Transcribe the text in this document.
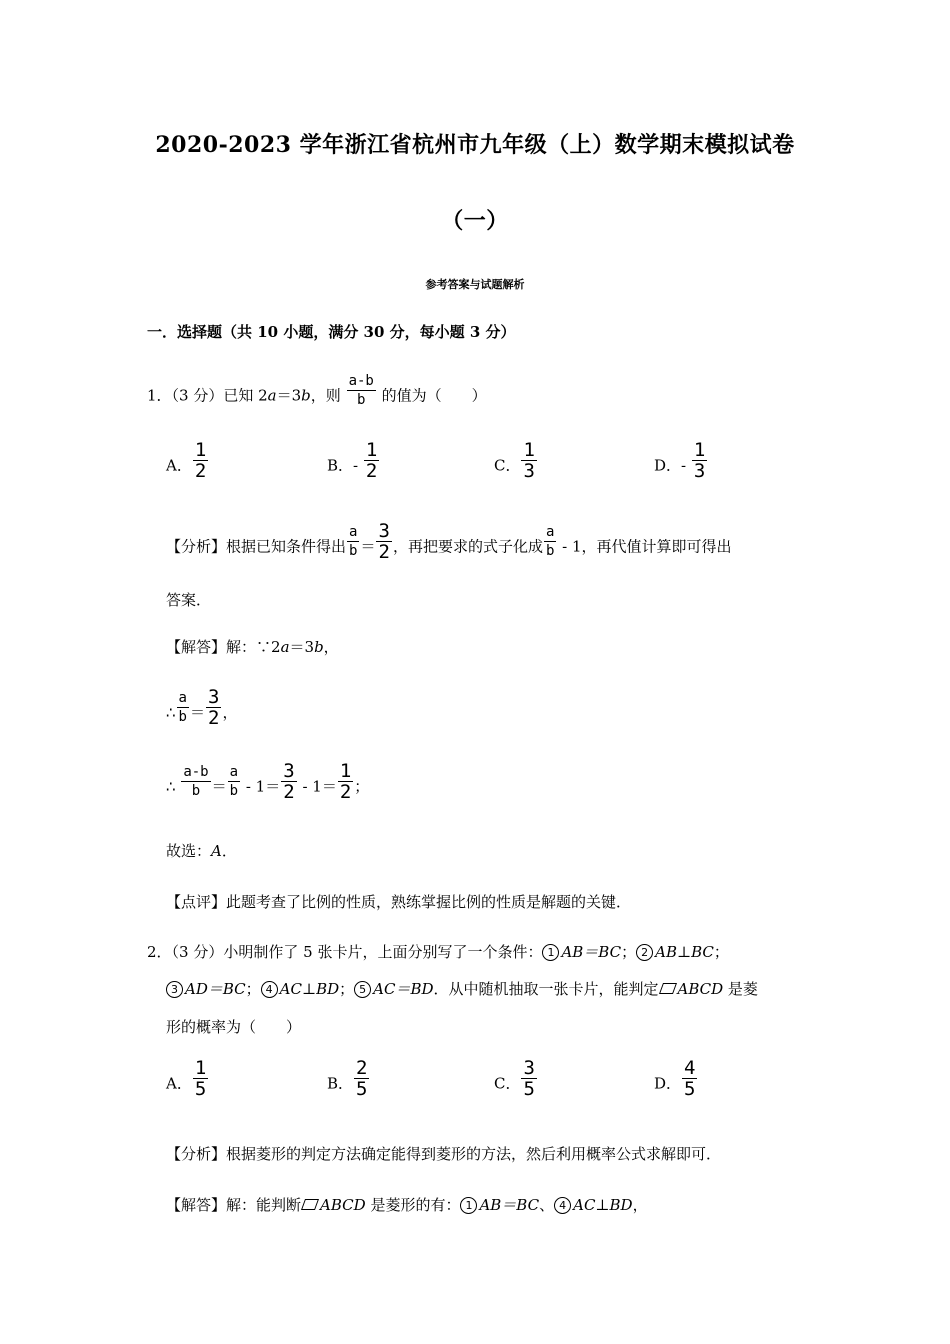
2020-2023 学年浙江省杭州市九年级（上）数学期末模拟试卷
（一）
参考答案与试题解析
一．选择题（共 10 小题，满分 30 分，每小题 3 分）
1．（3 分）已知 2a＝3b，则 $\frac{a-b}{b}$ 的值为（　　）
A． $\frac{1}{2}$	B．- $\frac{1}{2}$	C． $\frac{1}{3}$	D．- $\frac{1}{3}$
【分析】根据已知条件得出 $\frac{a}{b} = \frac{3}{2}$ ，再把要求的式子化成 $\frac{a}{b} - 1$，再代值计算即可得出
答案．
【解答】解：∵2a＝3b，
∴ $\frac{a}{b} = \frac{3}{2}$ ，
∴ $\frac{a-b}{b} = \frac{a}{b} - 1= \frac{3}{2} - 1= \frac{1}{2}$ ；
故选：A．
【点评】此题考查了比例的性质，熟练掌握比例的性质是解题的关键．
2．（3 分）小明制作了 5 张卡片，上面分别写了一个条件： 1 AB＝BC； 2 AB⊥BC；
3 AD＝BC； 4 AC⊥BD； 5 AC＝BD．从中随机抽取一张卡片，能判定 ABCD 是菱
形的概率为（　　）
A． $\frac{1}{5}$	B． $\frac{2}{5}$	C． $\frac{3}{5}$	D． $\frac{4}{5}$
【分析】根据菱形的判定方法确定能得到菱形的方法，然后利用概率公式求解即可．
【解答】解：能判断 ABCD 是菱形的有： 1 AB＝BC、 4 AC⊥BD，
